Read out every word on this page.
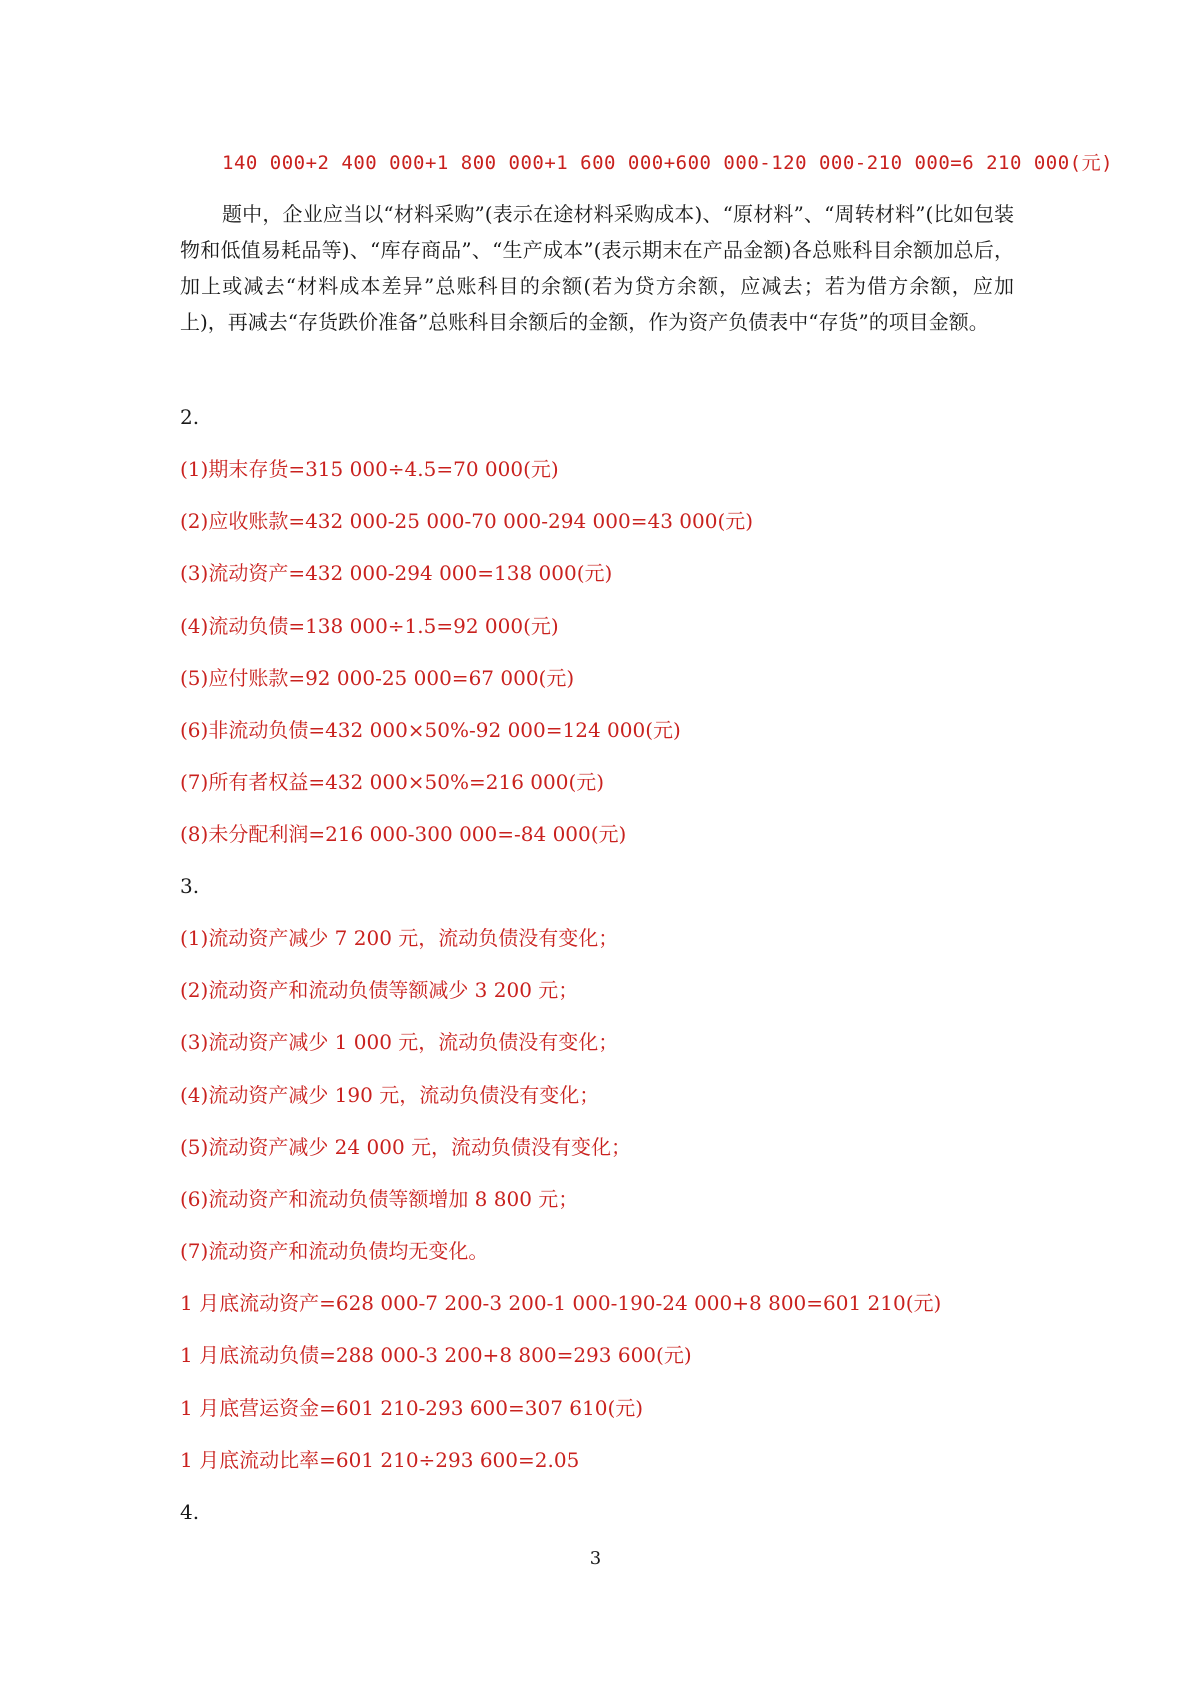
140 000+2 400 000+1 800 000+1 600 000+600 000-120 000-210 000=6 210 000(元)
题中，企业应当以“材料采购”(表示在途材料采购成本)、“原材料”、“周转材料”(比如包装物和低值易耗品等)、“库存商品”、“生产成本”(表示期末在产品金额)各总账科目余额加总后，加上或减去“材料成本差异”总账科目的余额(若为贷方余额，应减去；若为借方余额，应加上)，再减去“存货跌价准备”总账科目余额后的金额，作为资产负债表中“存货”的项目金额。
2.
(1)期末存货=315 000÷4.5=70 000(元)
(2)应收账款=432 000-25 000-70 000-294 000=43 000(元)
(3)流动资产=432 000-294 000=138 000(元)
(4)流动负债=138 000÷1.5=92 000(元)
(5)应付账款=92 000-25 000=67 000(元)
(6)非流动负债=432 000×50%-92 000=124 000(元)
(7)所有者权益=432 000×50%=216 000(元)
(8)未分配利润=216 000-300 000=-84 000(元)
3.
(1)流动资产减少 7 200 元，流动负债没有变化；
(2)流动资产和流动负债等额减少 3 200 元；
(3)流动资产减少 1 000 元，流动负债没有变化；
(4)流动资产减少 190 元，流动负债没有变化；
(5)流动资产减少 24 000 元，流动负债没有变化；
(6)流动资产和流动负债等额增加 8 800 元；
(7)流动资产和流动负债均无变化。
1 月底流动资产=628 000-7 200-3 200-1 000-190-24 000+8 800=601 210(元)
1 月底流动负债=288 000-3 200+8 800=293 600(元)
1 月底营运资金=601 210-293 600=307 610(元)
1 月底流动比率=601 210÷293 600=2.05
4.
3
